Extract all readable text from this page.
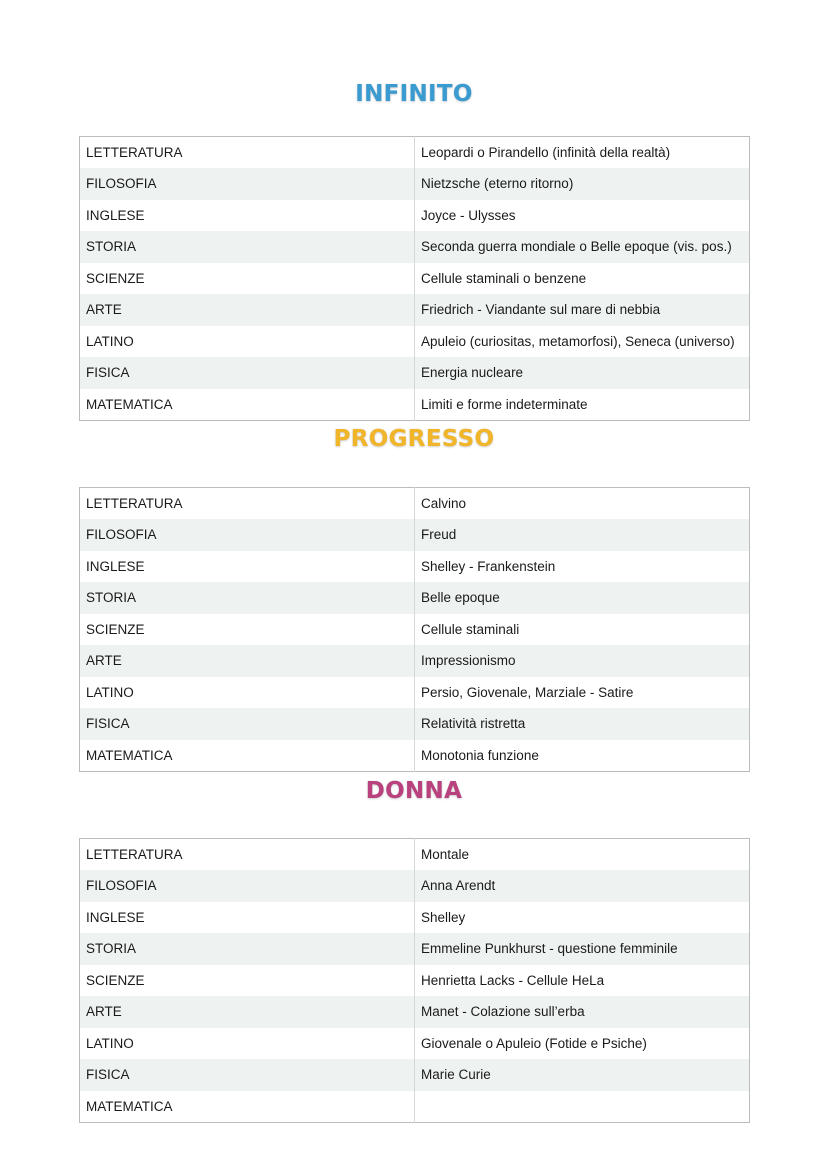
INFINITO
LETTERATURA	Leopardi o Pirandello (infinità della realtà)
FILOSOFIA	Nietzsche (eterno ritorno)
INGLESE	Joyce - Ulysses
STORIA	Seconda guerra mondiale o Belle epoque (vis. pos.)
SCIENZE	Cellule staminali o benzene
ARTE	Friedrich - Viandante sul mare di nebbia
LATINO	Apuleio (curiositas, metamorfosi), Seneca (universo)
FISICA	Energia nucleare
MATEMATICA	Limiti e forme indeterminate
PROGRESSO
LETTERATURA	Calvino
FILOSOFIA	Freud
INGLESE	Shelley - Frankenstein
STORIA	Belle epoque
SCIENZE	Cellule staminali
ARTE	Impressionismo
LATINO	Persio, Giovenale, Marziale - Satire
FISICA	Relatività ristretta
MATEMATICA	Monotonia funzione
DONNA
LETTERATURA	Montale
FILOSOFIA	Anna Arendt
INGLESE	Shelley
STORIA	Emmeline Punkhurst - questione femminile
SCIENZE	Henrietta Lacks - Cellule HeLa
ARTE	Manet - Colazione sull’erba
LATINO	Giovenale o Apuleio (Fotide e Psiche)
FISICA	Marie Curie
MATEMATICA	
